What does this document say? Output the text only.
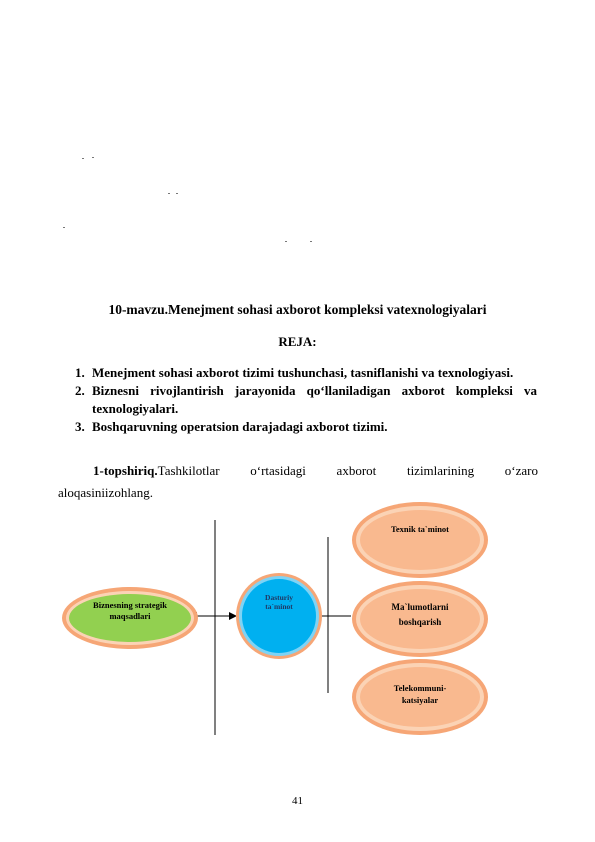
10-mavzu.Menejment sohasi axborot kompleksi vatexnologiyalari
REJA:
1. Menejment sohasi axborot tizimi tushunchasi, tasniflanishi va texnologiyasi.
2. Biznesni rivojlantirish jarayonida qo‘llaniladigan axborot kompleksi va texnologiyalari.
3. Boshqaruvning operatsion darajadagi axborot tizimi.
1-topshiriq.Tashkilotlar o‘rtasidagi axborot tizimlarining o‘zaro
aloqasiniizohlang.
Biznesning strategik
maqsadlari
Dasturiy
ta`minot
Texnik ta`minot
Ma`lumotlarni
boshqarish
Telekommuni-
katsiyalar
41
